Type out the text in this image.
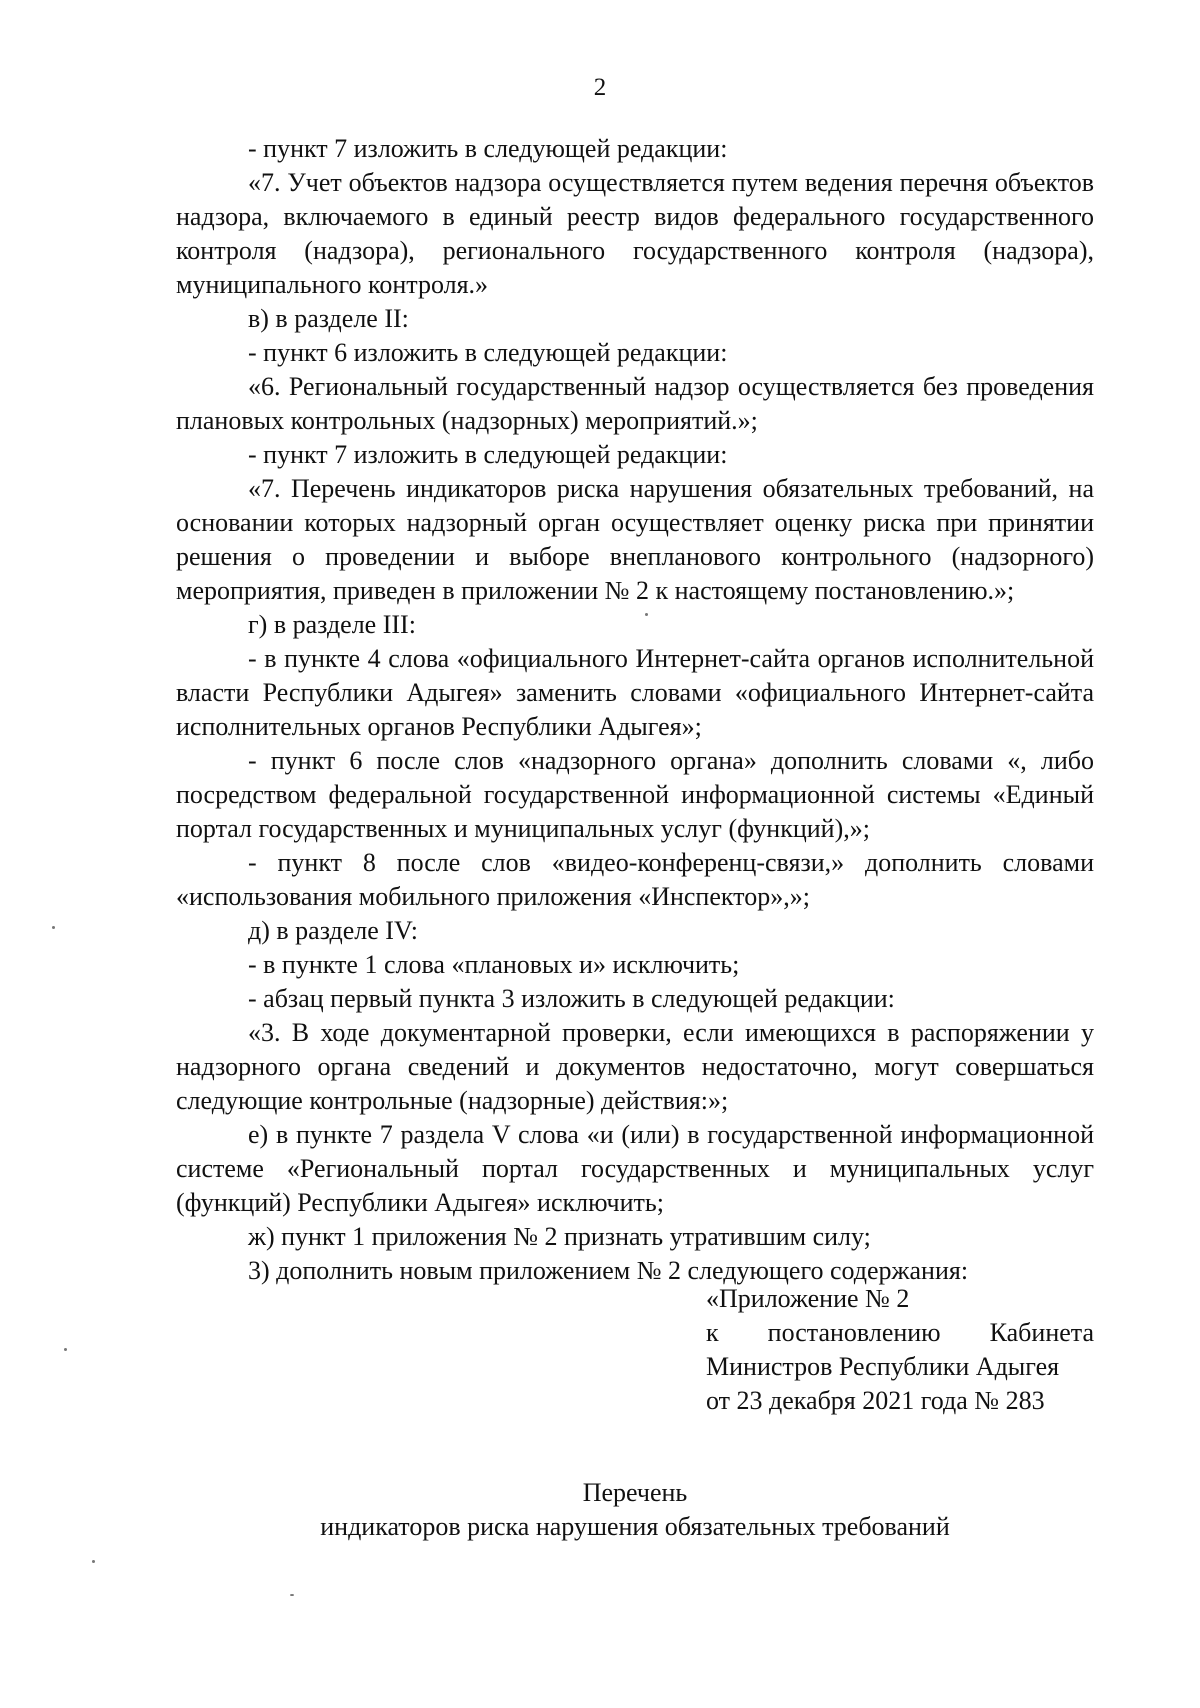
2

- пункт 7 изложить в следующей редакции:

«7. Учет объектов надзора осуществляется путем ведения перечня объектов надзора, включаемого в единый реестр видов федерального государственного контроля (надзора), регионального государственного контроля (надзора), муниципального контроля.»

в) в разделе II:

- пункт 6 изложить в следующей редакции:

«6. Региональный государственный надзор осуществляется без проведения плановых контрольных (надзорных) мероприятий.»;

- пункт 7 изложить в следующей редакции:

«7. Перечень индикаторов риска нарушения обязательных требований, на основании которых надзорный орган осуществляет оценку риска при принятии решения о проведении и выборе внепланового контрольного (надзорного) мероприятия, приведен в приложении № 2 к настоящему постановлению.»;

г) в разделе III:

- в пункте 4 слова «официального Интернет-сайта органов исполнительной власти Республики Адыгея» заменить словами «официального Интернет-сайта исполнительных органов Республики Адыгея»;

- пункт 6 после слов «надзорного органа» дополнить словами «, либо посредством федеральной государственной информационной системы «Единый портал государственных и муниципальных услуг (функций),»;

- пункт 8 после слов «видео-конференц-связи,» дополнить словами «использования мобильного приложения «Инспектор»,»;

д) в разделе IV:

- в пункте 1 слова «плановых и» исключить;

- абзац первый пункта 3 изложить в следующей редакции:

«3. В ходе документарной проверки, если имеющихся в распоряжении у надзорного органа сведений и документов недостаточно, могут совершаться следующие контрольные (надзорные) действия:»;

е) в пункте 7 раздела V слова «и (или) в государственной информационной системе «Региональный портал государственных и муниципальных услуг (функций) Республики Адыгея» исключить;

ж) пункт 1 приложения № 2 признать утратившим силу;

3) дополнить новым приложением № 2 следующего содержания:

«Приложение № 2

к постановлению Кабинета

Министров Республики Адыгея

от 23 декабря 2021 года № 283

Перечень
индикаторов риска нарушения обязательных требований
